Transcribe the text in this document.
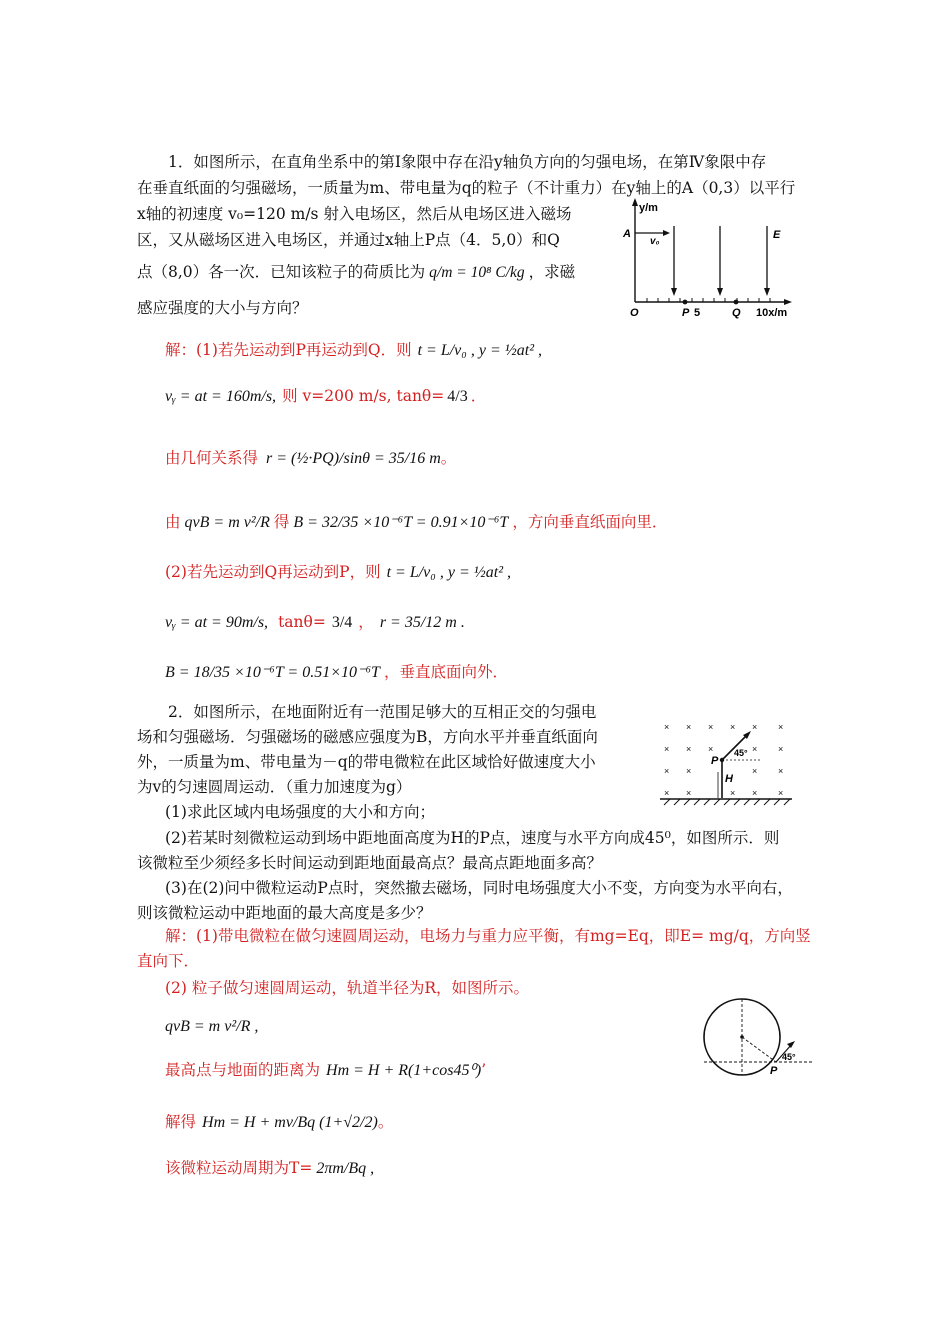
1．如图所示，在直角坐系中的第Ⅰ象限中存在沿y轴负方向的匀强电场，在第Ⅳ象限中存
在垂直纸面的匀强磁场，一质量为m、带电量为q的粒子（不计重力）在y轴上的A（0,3）以平行
x轴的初速度 v₀=120 m/s 射入电场区，然后从电场区进入磁场
区，又从磁场区进入电场区，并通过x轴上P点（4．5,0）和Q
点（8,0）各一次．已知该粒子的荷质比为 q/m = 10⁸ C/kg ，求磁
感应强度的大小与方向？
y/m
A
v₀
E
O	P 5	Q 10x/m
解：(1)若先运动到P再运动到Q．则 t = L/v₀ , y = ½at² ,
vᵧ = at = 160m/s, 则 v=200 m/s, tanθ= 4/3 ．
由几何关系得 r = (½·PQ)/sinθ = 35/16 m。
由 qvB = m v²/R 得 B = 32/35 ×10⁻⁶T = 0.91×10⁻⁶T ，方向垂直纸面向里．
(2)若先运动到Q再运动到P，则 t = L/v₀ , y = ½at² ,
vᵧ = at = 90m/s, tanθ= 3/4 ， r = 35/12 m .
B = 18/35 ×10⁻⁶T = 0.51×10⁻⁶T ，垂直底面向外．
2．如图所示，在地面附近有一范围足够大的互相正交的匀强电
场和匀强磁场．匀强磁场的磁感应强度为B，方向水平并垂直纸面向
外，一质量为m、带电量为－q的带电微粒在此区域恰好做速度大小
为v的匀速圆周运动．（重力加速度为g）
(1)求此区域内电场强度的大小和方向；
(2)若某时刻微粒运动到场中距地面高度为H的P点，速度与水平方向成45⁰，如图所示．则
该微粒至少须经多长时间运动到距地面最高点？最高点距地面多高？
(3)在(2)问中微粒运动P点时，突然撤去磁场，同时电场强度大小不变，方向变为水平向右，
则该微粒运动中距地面的最大高度是多少？
× × × × × ×
× × ×	× ×
× ×	× ×
× ×	× × ×
P
H
45°
解：(1)带电微粒在做匀速圆周运动，电场力与重力应平衡，有mg=Eq，即E= mg/q，方向竖
直向下．
(2) 粒子做匀速圆周运动，轨道半径为R，如图所示。
qvB = m v²/R ,
最高点与地面的距离为 Hm = H + R(1+cos45⁰)’
解得 Hm = H + mv/Bq (1+√2/2)。
该微粒运动周期为T= 2πm/Bq ,
45°
P
